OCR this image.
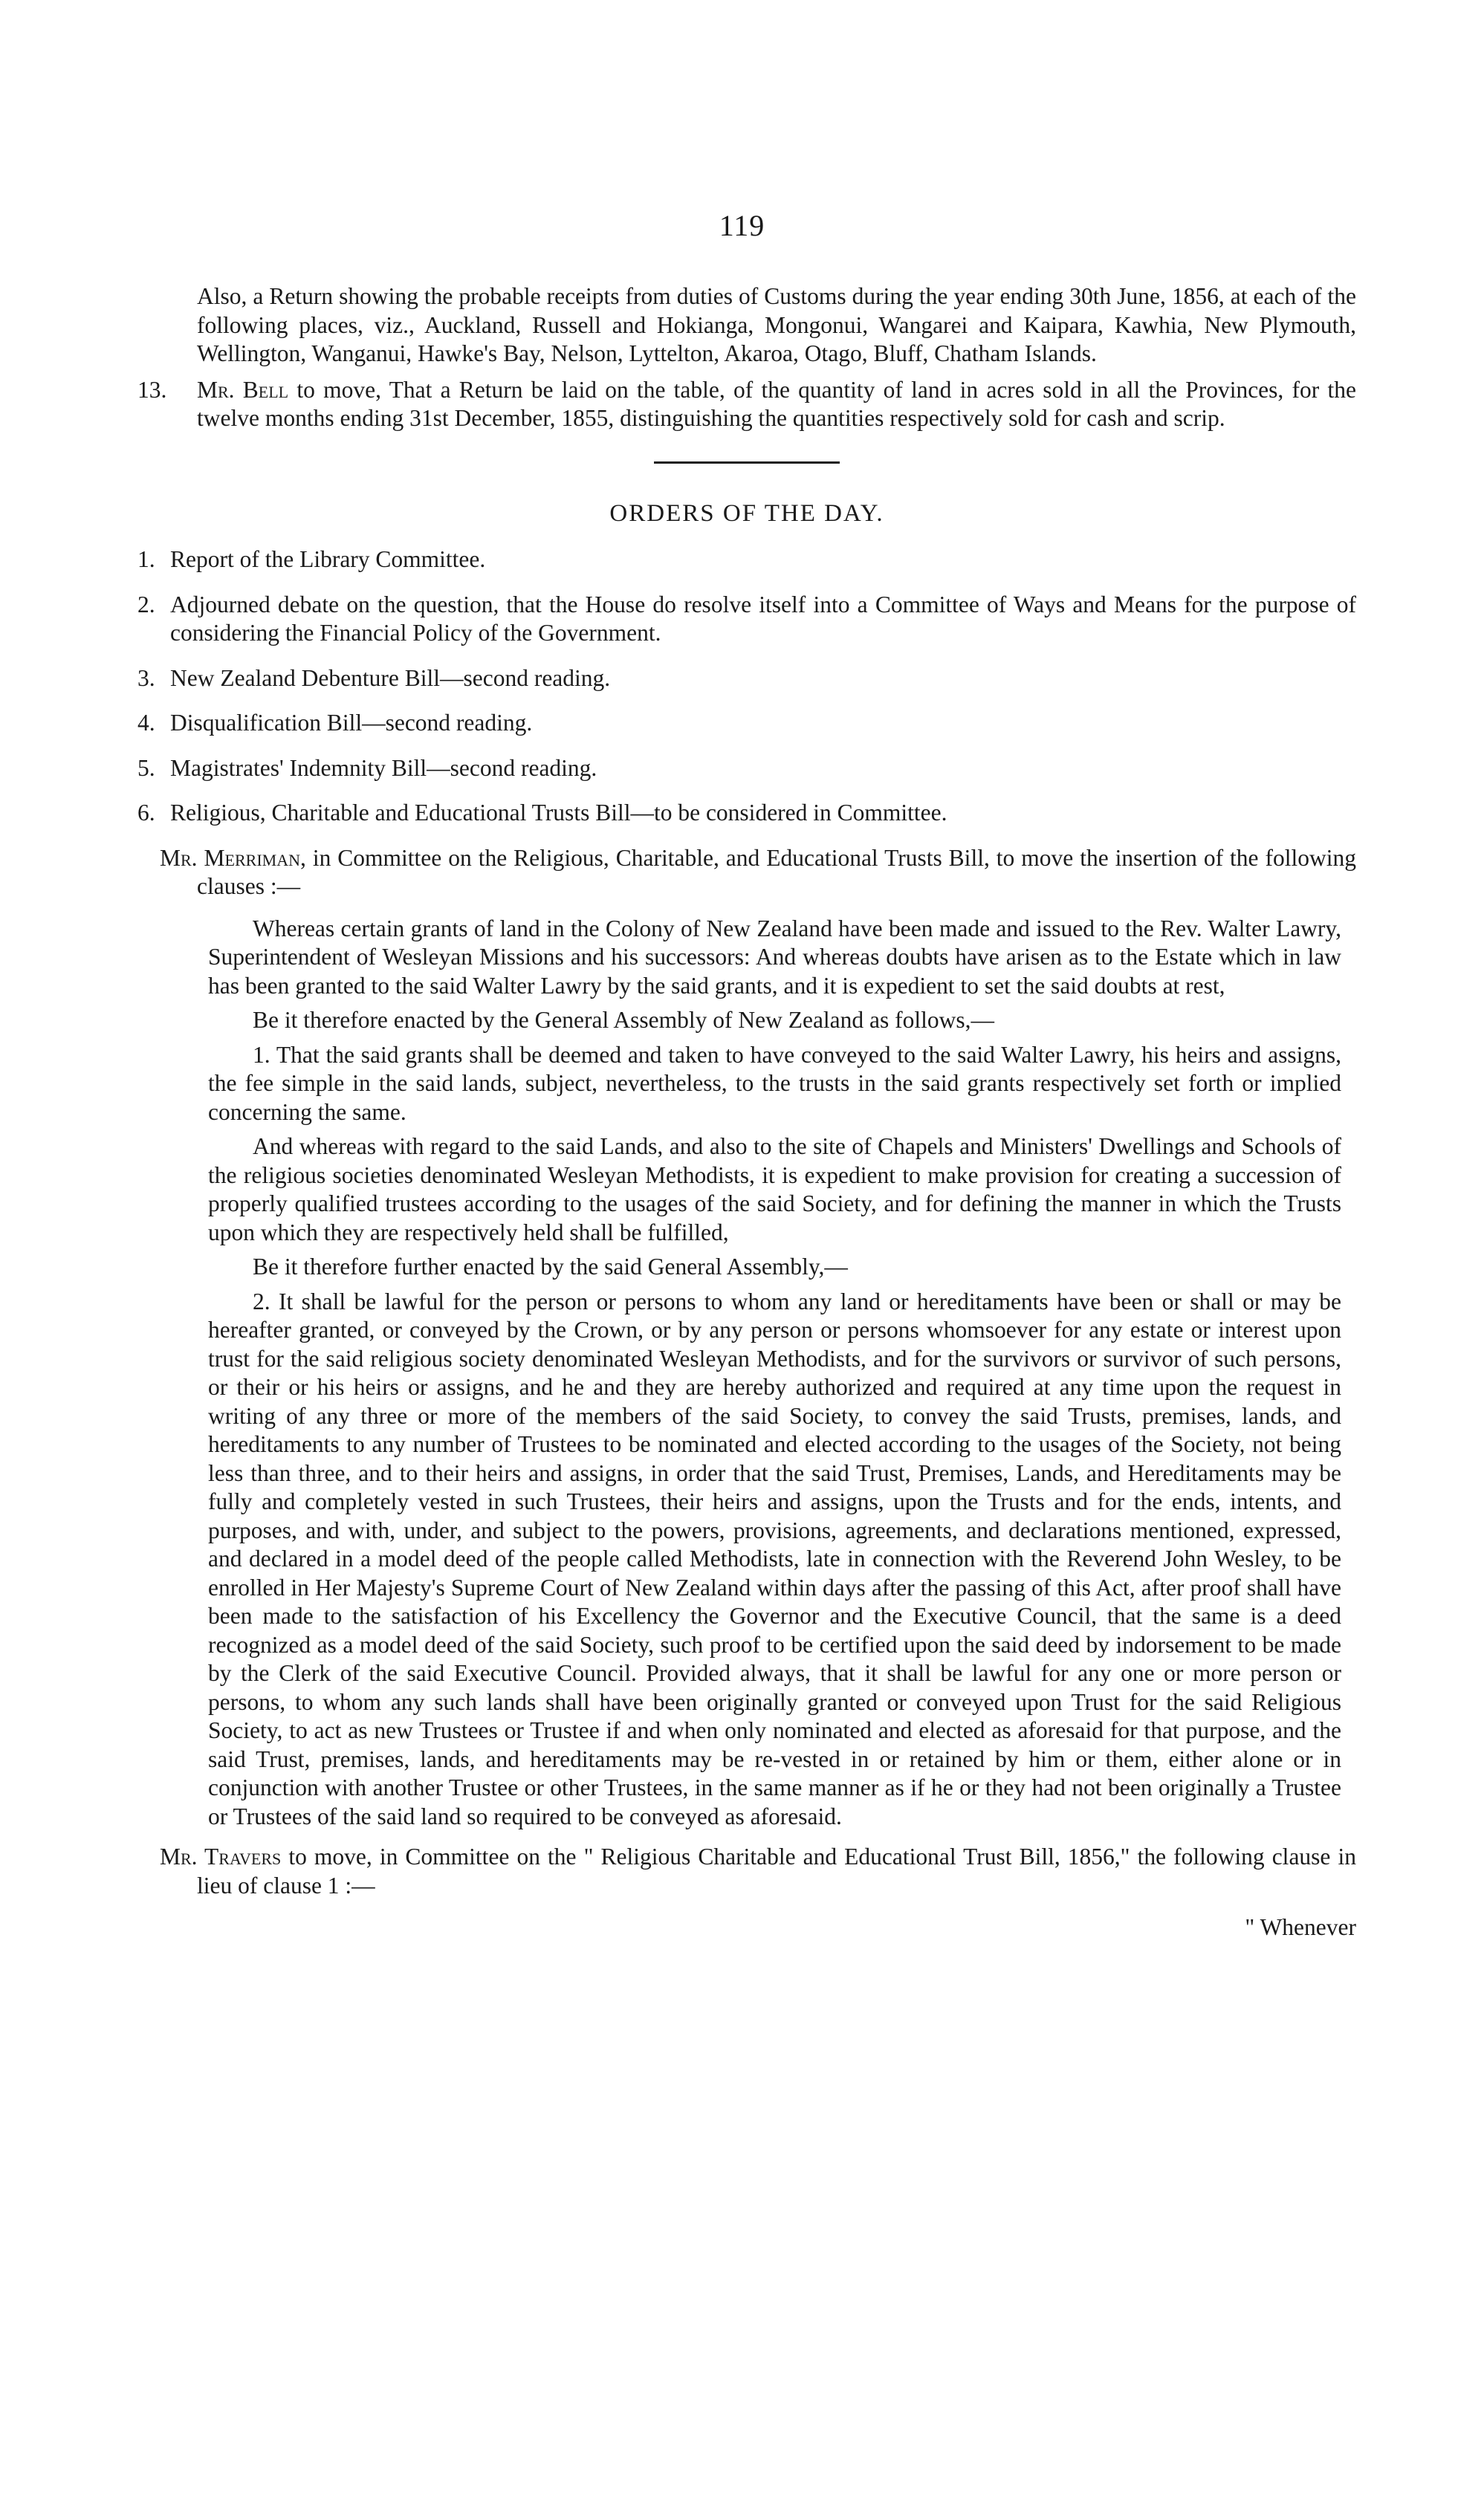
119

Also, a Return showing the probable receipts from duties of Customs during the year ending 30th June, 1856, at each of the following places, viz., Auckland, Russell and Hokianga, Mongonui, Wangarei and Kaipara, Kawhia, New Plymouth, Wellington, Wanganui, Hawke's Bay, Nelson, Lyttelton, Akaroa, Otago, Bluff, Chatham Islands.

13. Mr. Bell to move, That a Return be laid on the table, of the quantity of land in acres sold in all the Provinces, for the twelve months ending 31st December, 1855, distinguishing the quantities respectively sold for cash and scrip.
ORDERS OF THE DAY.
1. Report of the Library Committee.
2. Adjourned debate on the question, that the House do resolve itself into a Committee of Ways and Means for the purpose of considering the Financial Policy of the Government.
3. New Zealand Debenture Bill—second reading.
4. Disqualification Bill—second reading.
5. Magistrates' Indemnity Bill—second reading.
6. Religious, Charitable and Educational Trusts Bill—to be considered in Committee.

Mr. Merriman, in Committee on the Religious, Charitable, and Educational Trusts Bill, to move the insertion of the following clauses :—

Whereas certain grants of land in the Colony of New Zealand have been made and issued to the Rev. Walter Lawry, Superintendent of Wesleyan Missions and his successors: And whereas doubts have arisen as to the Estate which in law has been granted to the said Walter Lawry by the said grants, and it is expedient to set the said doubts at rest,

Be it therefore enacted by the General Assembly of New Zealand as follows,—

1. That the said grants shall be deemed and taken to have conveyed to the said Walter Lawry, his heirs and assigns, the fee simple in the said lands, subject, nevertheless, to the trusts in the said grants respectively set forth or implied concerning the same.

And whereas with regard to the said Lands, and also to the site of Chapels and Ministers' Dwellings and Schools of the religious societies denominated Wesleyan Methodists, it is expedient to make provision for creating a succession of properly qualified trustees according to the usages of the said Society, and for defining the manner in which the Trusts upon which they are respectively held shall be fulfilled,

Be it therefore further enacted by the said General Assembly,—

2. It shall be lawful for the person or persons to whom any land or hereditaments have been or shall or may be hereafter granted, or conveyed by the Crown, or by any person or persons whomsoever for any estate or interest upon trust for the said religious society denominated Wesleyan Methodists, and for the survivors or survivor of such persons, or their or his heirs or assigns, and he and they are hereby authorized and required at any time upon the request in writing of any three or more of the members of the said Society, to convey the said Trusts, premises, lands, and hereditaments to any number of Trustees to be nominated and elected according to the usages of the Society, not being less than three, and to their heirs and assigns, in order that the said Trust, Premises, Lands, and Hereditaments may be fully and completely vested in such Trustees, their heirs and assigns, upon the Trusts and for the ends, intents, and purposes, and with, under, and subject to the powers, provisions, agreements, and declarations mentioned, expressed, and declared in a model deed of the people called Methodists, late in connection with the Reverend John Wesley, to be enrolled in Her Majesty's Supreme Court of New Zealand within days after the passing of this Act, after proof shall have been made to the satisfaction of his Excellency the Governor and the Executive Council, that the same is a deed recognized as a model deed of the said Society, such proof to be certified upon the said deed by indorsement to be made by the Clerk of the said Executive Council. Provided always, that it shall be lawful for any one or more person or persons, to whom any such lands shall have been originally granted or conveyed upon Trust for the said Religious Society, to act as new Trustees or Trustee if and when only nominated and elected as aforesaid for that purpose, and the said Trust, premises, lands, and hereditaments may be re-vested in or retained by him or them, either alone or in conjunction with another Trustee or other Trustees, in the same manner as if he or they had not been originally a Trustee or Trustees of the said land so required to be conveyed as aforesaid.

Mr. Travers to move, in Committee on the " Religious Charitable and Educational Trust Bill, 1856," the following clause in lieu of clause 1 :—

" Whenever
